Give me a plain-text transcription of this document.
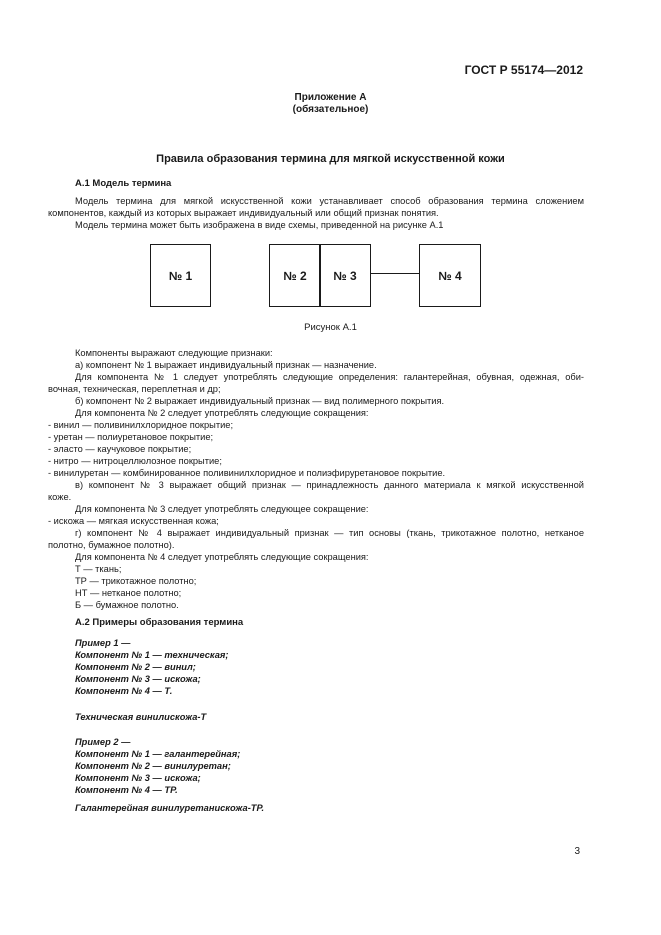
ГОСТ Р 55174—2012
Приложение А
(обязательное)
Правила образования термина для мягкой искусственной кожи
А.1 Модель термина
Модель термина для мягкой искусственной кожи устанавливает способ образования термина сложением
компонентов, каждый из которых выражает индивидуальный или общий признак понятия.
Модель термина может быть изображена в виде схемы, приведенной на рисунке А.1
№ 1	№ 2	№ 3	№ 4
Рисунок А.1
Компоненты выражают следующие признаки:
а) компонент № 1 выражает индивидуальный признак — назначение.
Для компонента № 1 следует употреблять следующие определения: галантерейная, обувная, одежная, оби-
вочная, техническая, переплетная и др;
б) компонент № 2 выражает индивидуальный признак — вид полимерного покрытия.
Для компонента № 2 следует употреблять следующие сокращения:
- винил — поливинилхлоридное покрытие;
- уретан — полиуретановое покрытие;
- эласто — каучуковое покрытие;
- нитро — нитроцеллюлозное покрытие;
- винилуретан — комбинированное поливинилхлоридное и полиэфируретановое покрытие.
в) компонент № 3 выражает общий признак — принадлежность данного материала к мягкой искусственной
коже.
Для компонента № 3 следует употреблять следующее сокращение:
- искожа — мягкая искусственная кожа;
г) компонент № 4 выражает индивидуальный признак — тип основы (ткань, трикотажное полотно, нетканое
полотно, бумажное полотно).
Для компонента № 4 следует употреблять следующие сокращения:
Т — ткань;
ТР — трикотажное полотно;
НТ — нетканое полотно;
Б — бумажное полотно.
А.2 Примеры образования термина
Пример 1 —
Компонент № 1 — техническая;
Компонент № 2 — винил;
Компонент № 3 — искожа;
Компонент № 4 — Т.
Техническая винилискожа-Т
Пример 2 —
Компонент № 1 — галантерейная;
Компонент № 2 — винилуретан;
Компонент № 3 — искожа;
Компонент № 4 — ТР.
Галантерейная винилуретанискожа-ТР.
3
